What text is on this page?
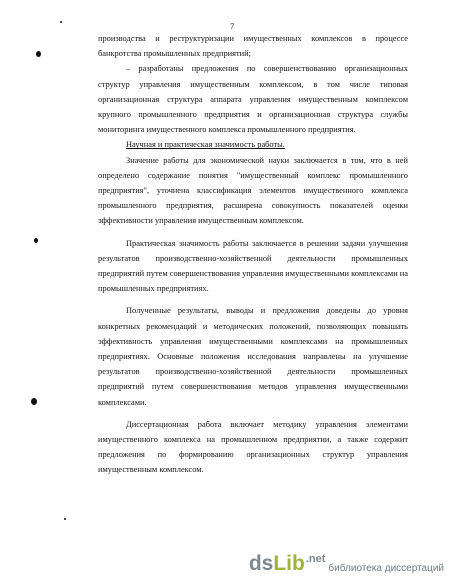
7

производства и реструктуризации имущественных комплексов в процессе банкротства промышленных предприятий;

– разработаны предложения по совершенствованию организационных структур управления имущественным комплексом, в том числе типовая организационная структура аппарата управления имущественным комплексом крупного промышленного предприятия и организационная структура службы мониторинга имущественного комплекса промышленного предприятия.

Научная и практическая значимость работы.

Значение работы для экономической науки заключается в том, что в ней определено содержание понятия "имущественный комплекс промышленного предприятия", уточнена классификация элементов имущественного комплекса промышленного предприятия, расширена совокупность показателей оценки эффективности управления имущественным комплексом.

Практическая значимость работы заключается в решении задачи улучшения результатов производственно-хозяйственной деятельности промышленных предприятий путем совершенствования управления имущественными комплексами на промышленных предприятиях.

Полученные результаты, выводы и предложения доведены до уровня конкретных рекомендаций и методических положений, позволяющих повышать эффективность управления имущественными комплексами на промышленных предприятиях. Основные положения исследования направлены на улучшение результатов производственно-хозяйственной деятельности промышленных предприятий путем совершенствования методов управления имущественными комплексами.

Диссертационная работа включает методику управления элементами имущественного комплекса на промышленном предприятии, а также содержит предложения по формированию организационных структур управления имущественным комплексом.

ds Lib .net
библиотека диссертаций
